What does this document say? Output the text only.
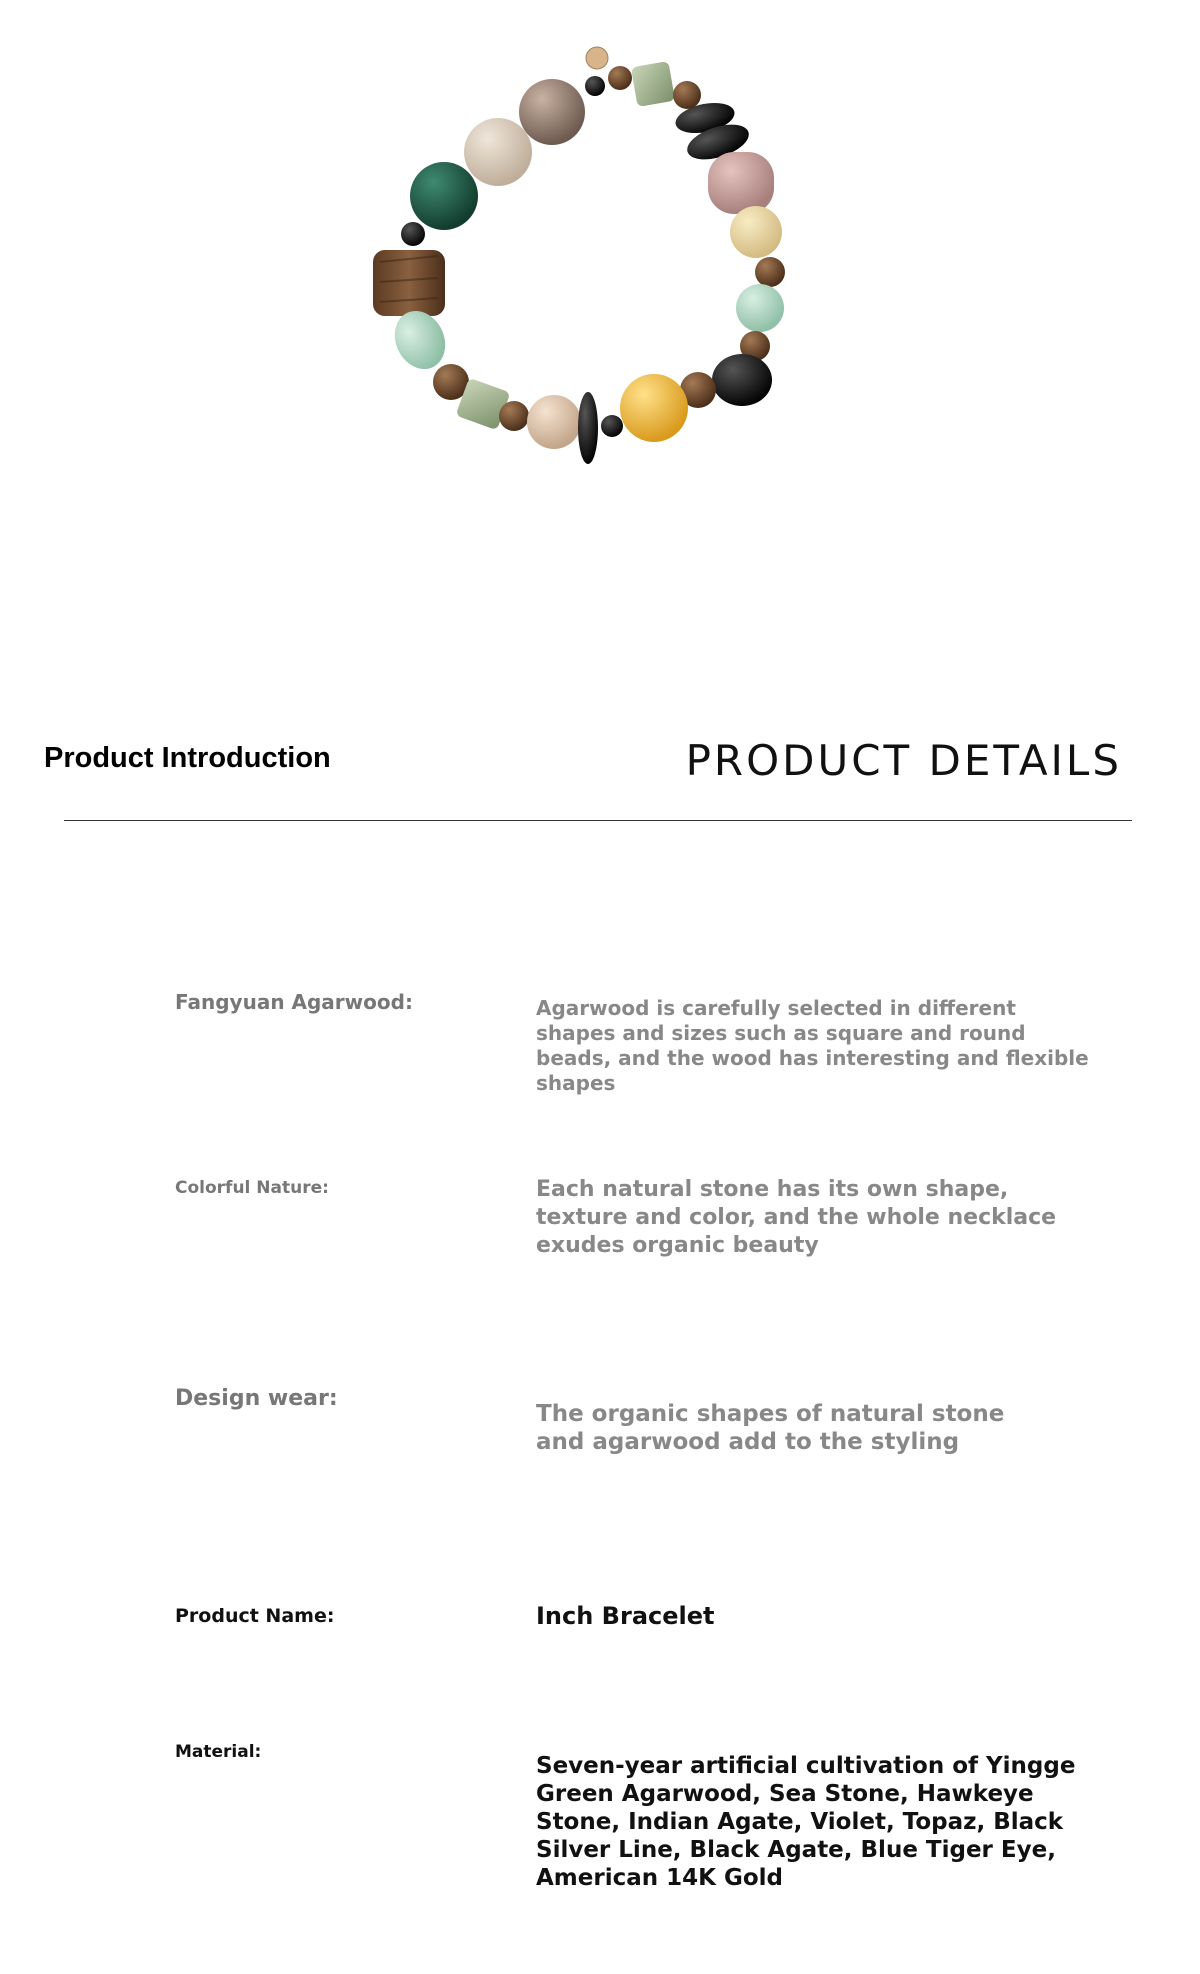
Product Introduction	PRODUCT DETAILS
Fangyuan Agarwood:	Agarwood is carefully selected in different shapes and sizes such as square and round beads, and the wood has interesting and flexible shapes

Colorful Nature:	Each natural stone has its own shape, texture and color, and the whole necklace exudes organic beauty

Design wear:

The organic shapes of natural stone and agarwood add to the styling

Product Name:	Inch Bracelet

Material:

Seven-year artificial cultivation of Yingge Green Agarwood, Sea Stone, Hawkeye Stone, Indian Agate, Violet, Topaz, Black Silver Line, Black Agate, Blue Tiger Eye, American 14K Gold
